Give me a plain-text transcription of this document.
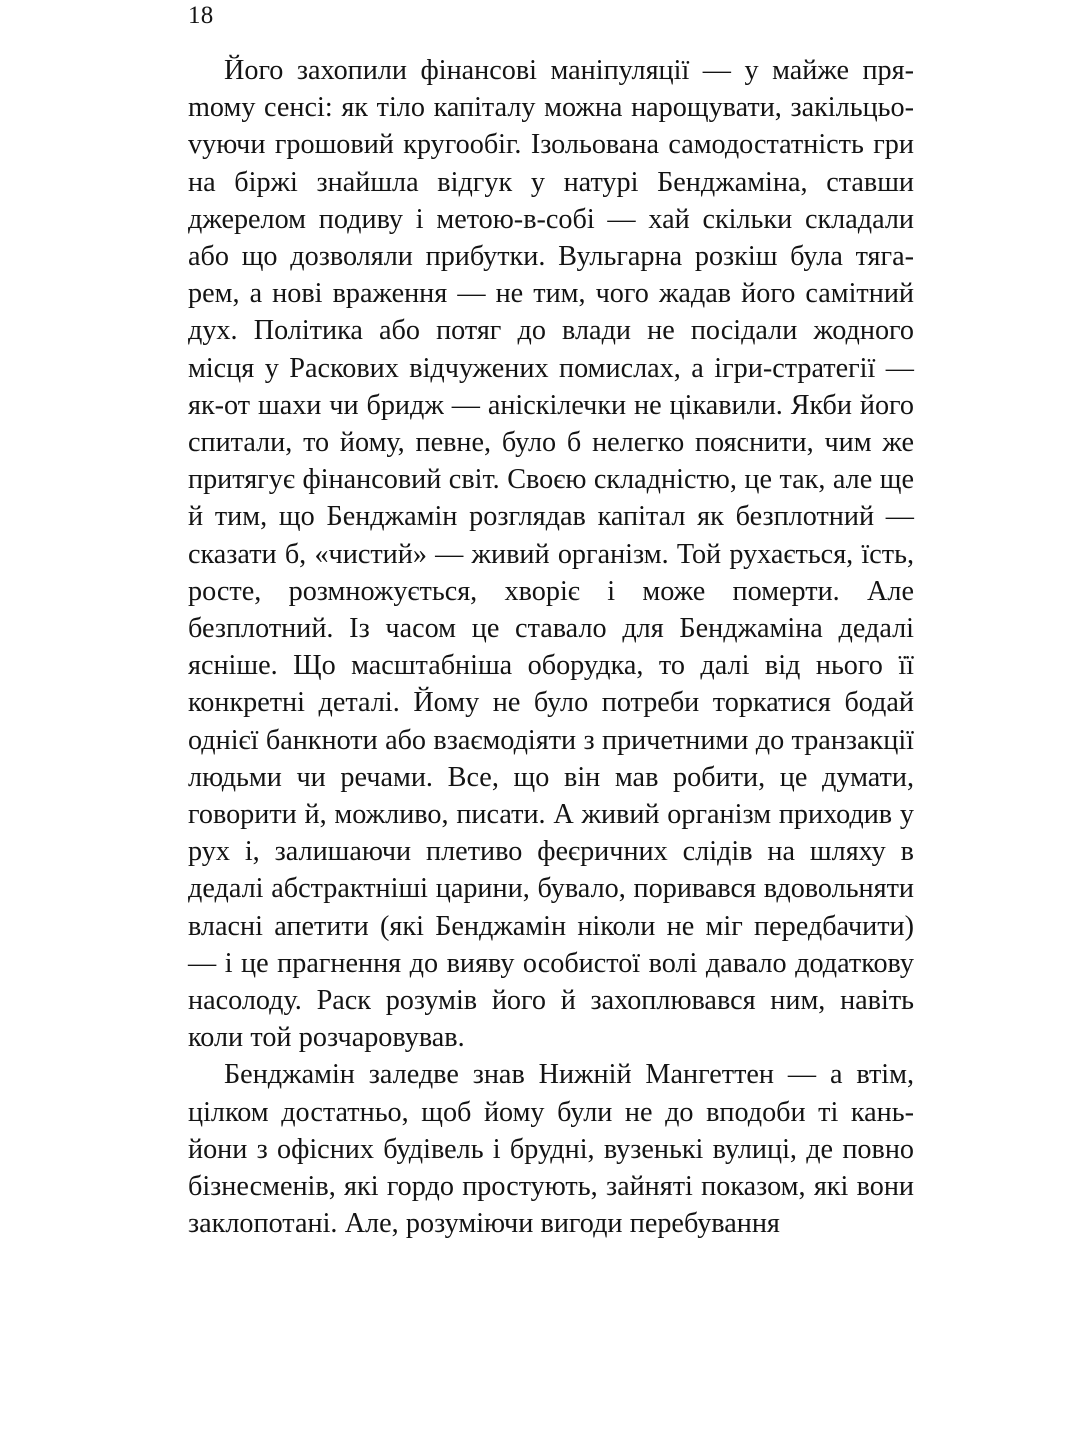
18

Його захопили фінансові маніпуляції — у майже пряmому сенсі: як тіло капіталу можна нарощувати, закільцьоvуючи грошовий кругообіг. Ізольована самодостатність гри на біржі знайшла відгук у натурі Бенджаміна, ставши джерелом подиву і метою-в-собі — хай скільки складали або що дозволяли прибутки. Вульгарна розкіш була тягарем, а нові враження — не тим, чого жадав його самітний дух. Політика або потяг до влади не посідали жодного місця у Раскових відчужених помислах, а ігри-стратегії — як-от шахи чи бридж — аніскілечки не цікавили. Якби його спитали, то йому, певне, було б нелегко пояснити, чим же притягує фінансовий світ. Своєю складністю, це так, але ще й тим, що Бенджамін розглядав капітал як безплотний — сказати б, «чистий» — живий організм. Той рухається, їсть, росте, розмножується, хворіє і може померти. Але безплотний. Із часом це ставало для Бенджаміна дедалі ясніше. Що масштабніша оборудка, то далі від нього її конкретні деталі. Йому не було потреби торкатися бодай однієї банкноти або взаємодіяти з причетними до транзакції людьми чи речами. Все, що він мав робити, це думати, говорити й, можливо, писати. А живий організм приходив у рух і, залишаючи плетиво феєричних слідів на шляху в дедалі абстрактніші царини, бувало, поривався вдовольняти власні апетити (які Бенджамін ніколи не міг передбачити) — і це прагнення до вияву особистої волі давало додаткову насолоду. Раск розумів його й захоплювався ним, навіть коли той розчаровував.

Бенджамін заледве знав Нижній Мангеттен — а втім, цілком достатньо, щоб йому були не до вподоби ті каньйони з офісних будівель і брудні, вузенькі вулиці, де повно бізнесменів, які гордо простують, зайняті показом, які вони заклопотані. Але, розуміючи вигоди перебування
